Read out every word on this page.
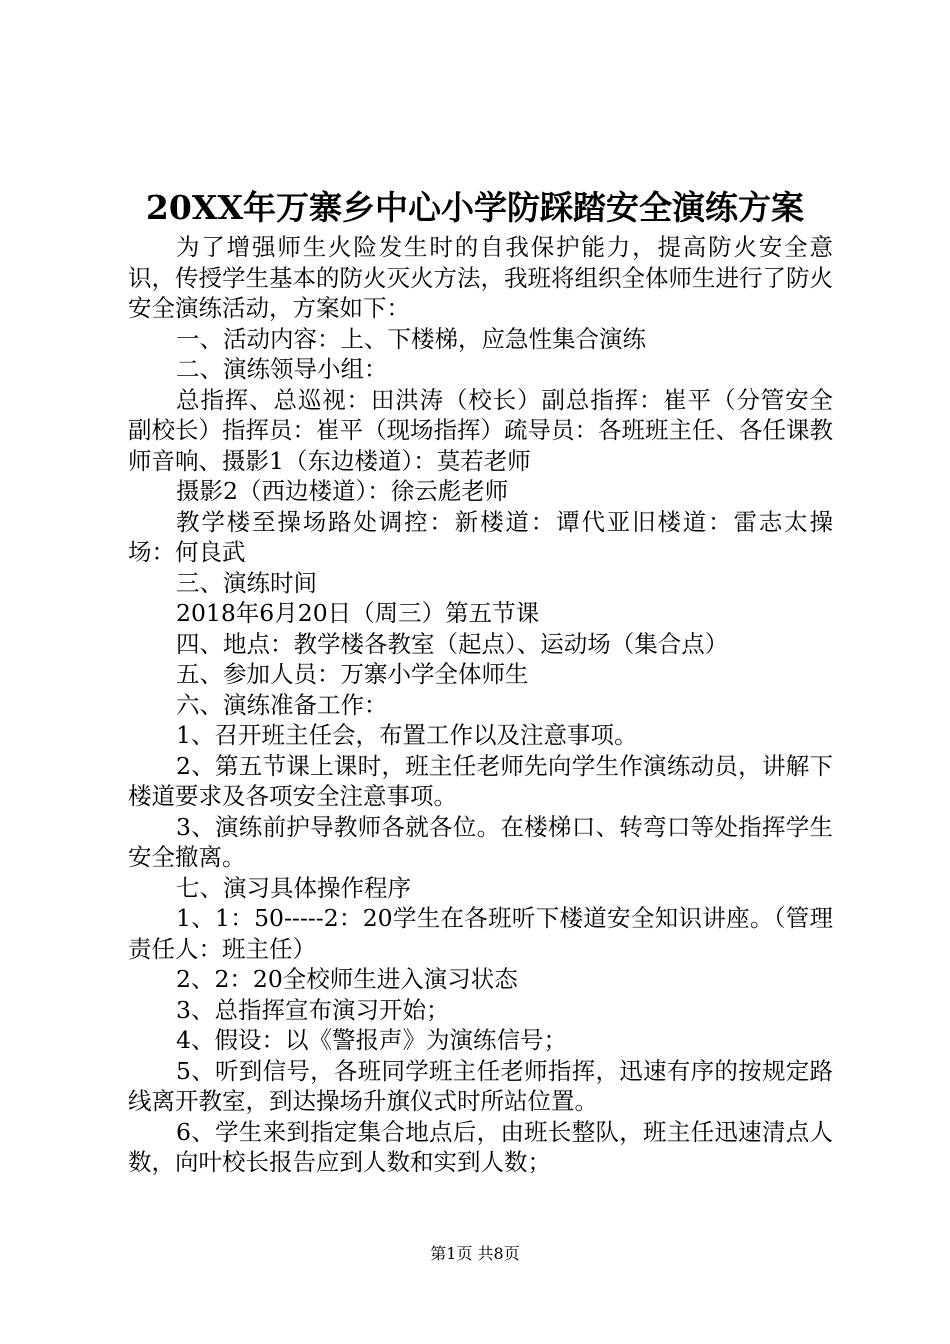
20XX年万寨乡中心小学防踩踏安全演练方案

为了增强师生火险发生时的自我保护能力，提高防火安全意识，传授学生基本的防火灭火方法，我班将组织全体师生进行了防火安全演练活动，方案如下：

一、活动内容：上、下楼梯，应急性集合演练

二、演练领导小组：

总指挥、总巡视：田洪涛（校长）副总指挥：崔平（分管安全副校长）指挥员：崔平（现场指挥）疏导员：各班班主任、各任课教师音响、摄影1（东边楼道）：莫若老师

摄影2（西边楼道）：徐云彪老师

教学楼至操场路处调控：新楼道：谭代亚旧楼道：雷志太操场：何良武

三、演练时间

2018年6月20日（周三）第五节课

四、地点：教学楼各教室（起点）、运动场（集合点）

五、参加人员：万寨小学全体师生

六、演练准备工作：

1、召开班主任会，布置工作以及注意事项。

2、第五节课上课时，班主任老师先向学生作演练动员，讲解下楼道要求及各项安全注意事项。

3、演练前护导教师各就各位。在楼梯口、转弯口等处指挥学生安全撤离。

七、演习具体操作程序

1、1：50-----2：20学生在各班听下楼道安全知识讲座。（管理责任人：班主任）

2、2：20全校师生进入演习状态

3、总指挥宣布演习开始；

4、假设：以《警报声》为演练信号；

5、听到信号，各班同学班主任老师指挥，迅速有序的按规定路线离开教室，到达操场升旗仪式时所站位置。

6、学生来到指定集合地点后，由班长整队，班主任迅速清点人数，向叶校长报告应到人数和实到人数；

第1页 共8页
